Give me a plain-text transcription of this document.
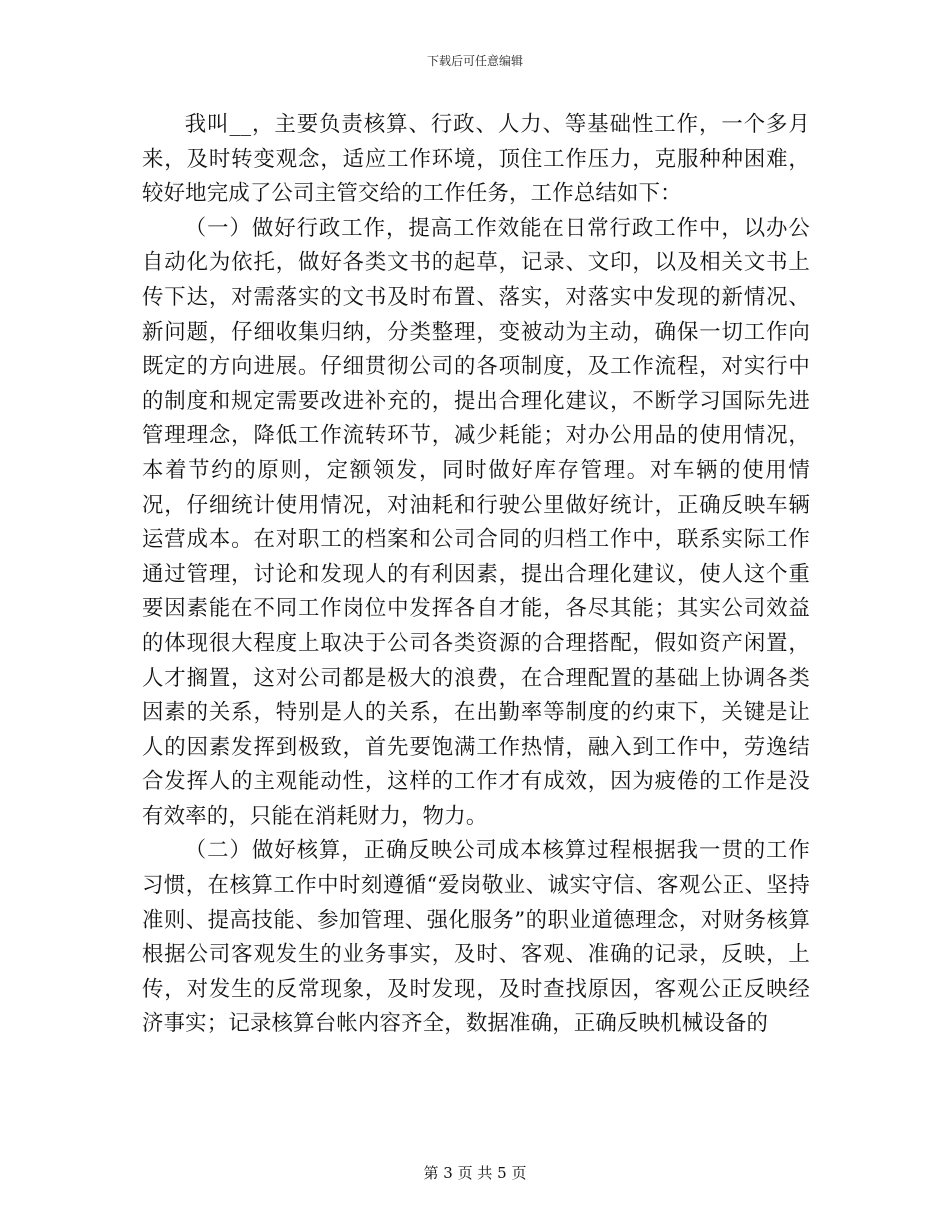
下载后可任意编辑

我叫__，主要负责核算、行政、人力、等基础性工作，一个多月来，及时转变观念，适应工作环境，顶住工作压力，克服种种困难，较好地完成了公司主管交给的工作任务，工作总结如下：

（一）做好行政工作，提高工作效能在日常行政工作中，以办公自动化为依托，做好各类文书的起草，记录、文印，以及相关文书上传下达，对需落实的文书及时布置、落实，对落实中发现的新情况、新问题，仔细收集归纳，分类整理，变被动为主动，确保一切工作向既定的方向进展。仔细贯彻公司的各项制度，及工作流程，对实行中的制度和规定需要改进补充的，提出合理化建议，不断学习国际先进管理理念，降低工作流转环节，减少耗能；对办公用品的使用情况，本着节约的原则，定额领发，同时做好库存管理。对车辆的使用情况，仔细统计使用情况，对油耗和行驶公里做好统计，正确反映车辆运营成本。在对职工的档案和公司合同的归档工作中，联系实际工作通过管理，讨论和发现人的有利因素，提出合理化建议，使人这个重要因素能在不同工作岗位中发挥各自才能，各尽其能；其实公司效益的体现很大程度上取决于公司各类资源的合理搭配，假如资产闲置，人才搁置，这对公司都是极大的浪费，在合理配置的基础上协调各类因素的关系，特别是人的关系，在出勤率等制度的约束下，关键是让人的因素发挥到极致，首先要饱满工作热情，融入到工作中，劳逸结合发挥人的主观能动性，这样的工作才有成效，因为疲倦的工作是没有效率的，只能在消耗财力，物力。

（二）做好核算，正确反映公司成本核算过程根据我一贯的工作习惯，在核算工作中时刻遵循“爱岗敬业、诚实守信、客观公正、坚持准则、提高技能、参加管理、强化服务”的职业道德理念，对财务核算根据公司客观发生的业务事实，及时、客观、准确的记录，反映，上传，对发生的反常现象，及时发现，及时查找原因，客观公正反映经济事实；记录核算台帐内容齐全，数据准确，正确反映机械设备的

第 3 页 共 5 页
